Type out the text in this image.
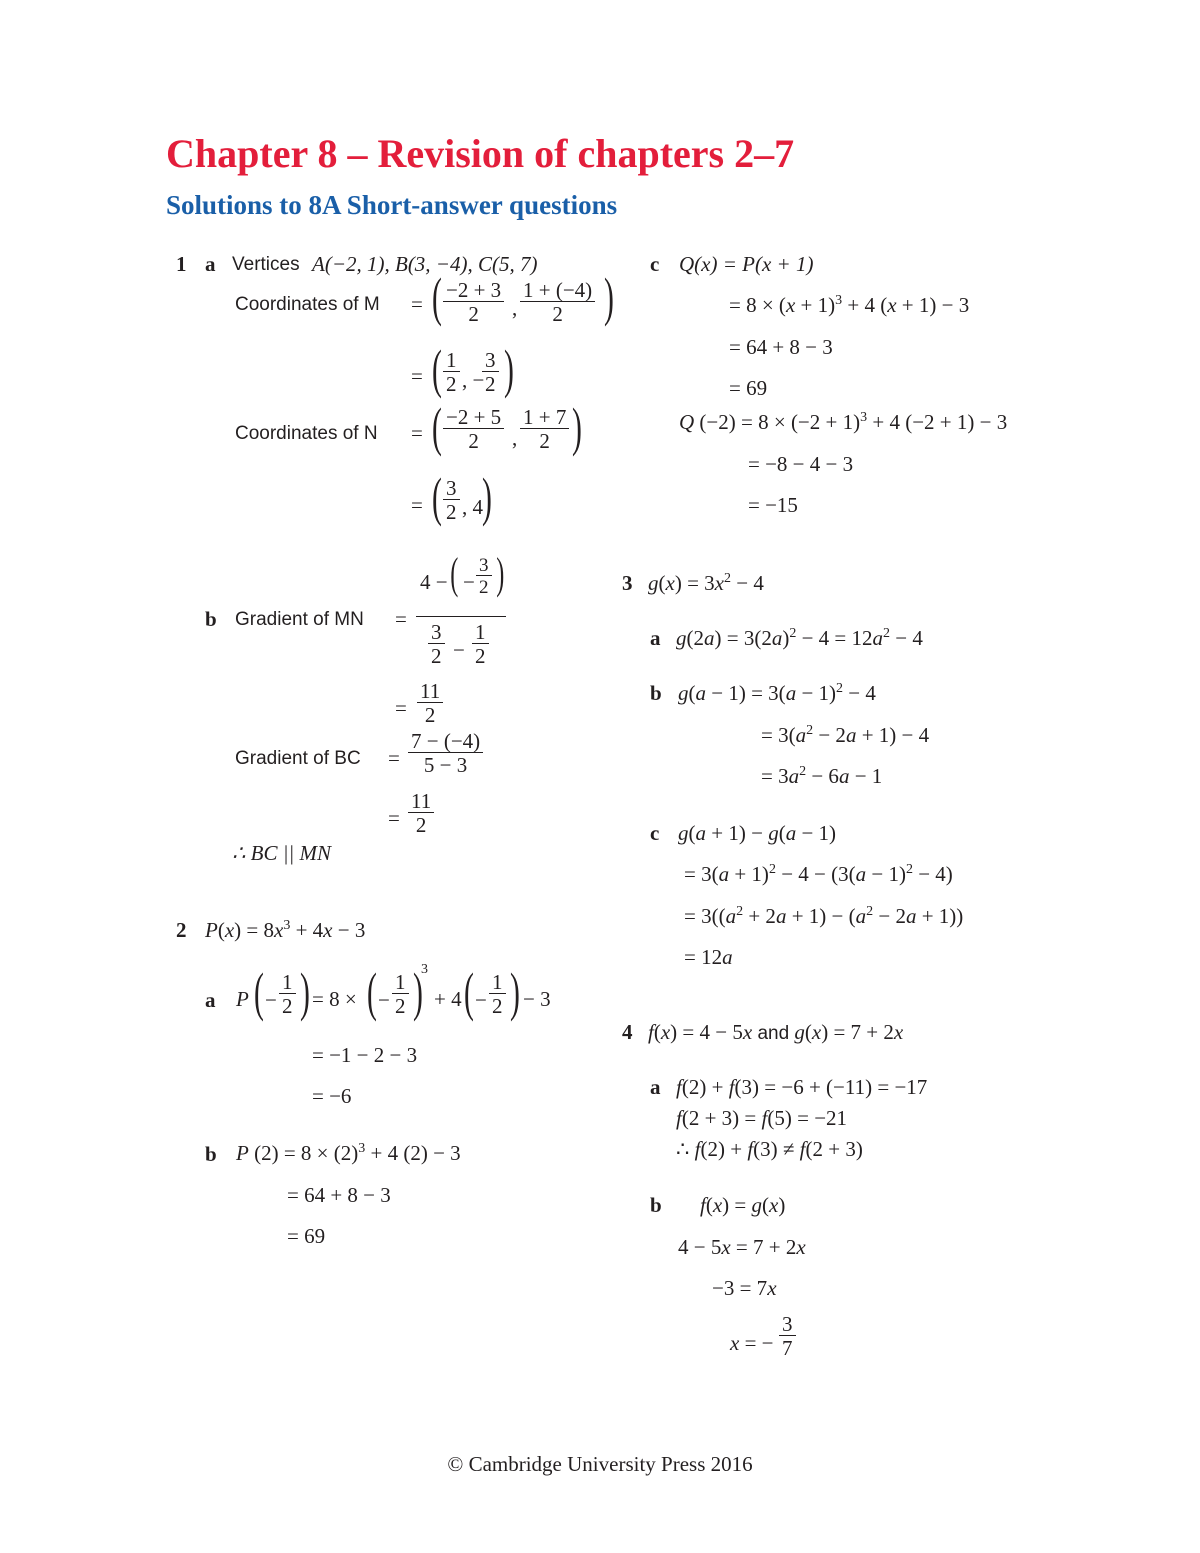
Chapter 8 – Revision of chapters 2–7
Solutions to 8A Short-answer questions
1 a Vertices A(−2, 1), B(3, −4), C(5, 7)
Coordinates of M = ( $\frac{-2 + 3}{2}$ , $\frac{1 + (-4)}{2}$ )
= ( $\frac{1}{2}$ , −
$\frac{3}{2}$ )
Coordinates of N = ( $\frac{-2 + 5}{2}$ , $\frac{1 + 7}{2}$ )
= ( $\frac{3}{2}$ , 4 )
b Gradient of MN =
4 − ( − $\frac{3}{2}$ )
$\frac{3}{2} - \frac{1}{2}$
= $\frac{11}{2}$
Gradient of BC = $\frac{7 - (-4)}{5 - 3}$
= $\frac{11}{2}$
∴ BC || MN
c Q(x) = P(x + 1)
= $8 \times (x + 1)^3 + 4$ (x + 1) − 3
= 64 + 8 − 3
= 69
Q $(-2) = 8 \times (-2 + 1)^3 + 4$ (−2 + 1) − 3
= −8 − 4 − 3
= −15
2 $P(x) = 8x^3 + 4x - 3$
a P ( − $\frac{1}{2}$ ) = 8 × ( − $\frac{1}{2}$ )
3
+ 4 ( − $\frac{1}{2}$ ) − 3
= −1 − 2 − 3
= −6
b P $(2) = 8 \times (2)^3 + 4$ (2) − 3
= 64 + 8 − 3
= 69
3 $g(x) = 3x^2 - 4$
a $g(2a) = 3(2a)^2 - 4 = 12a^2 - 4$
b $g(a - 1) = 3(a - 1)^2 - 4$
= $3(a^2 - 2a + 1) - 4$
= $3a^2 - 6a - 1$
c g(a + 1) − g(a − 1)
= $3(a + 1)^2 - 4 - (3(a - 1)^2 - 4)$
= $3((a^2 + 2a + 1) - (a^2 - 2a + 1))$
= 12a
4 f(x) = 4 − 5x and g(x) = 7 + 2x
a f(2) + f(3) = −6 + (−11) = −17
f(2 + 3) = f(5) = −21
∴ f(2) + f(3) ≠ f(2 + 3)
b f(x) = g(x)
4 − 5x = 7 + 2x
−3 = 7x
x = − $\frac{3}{7}$
© Cambridge University Press 2016
